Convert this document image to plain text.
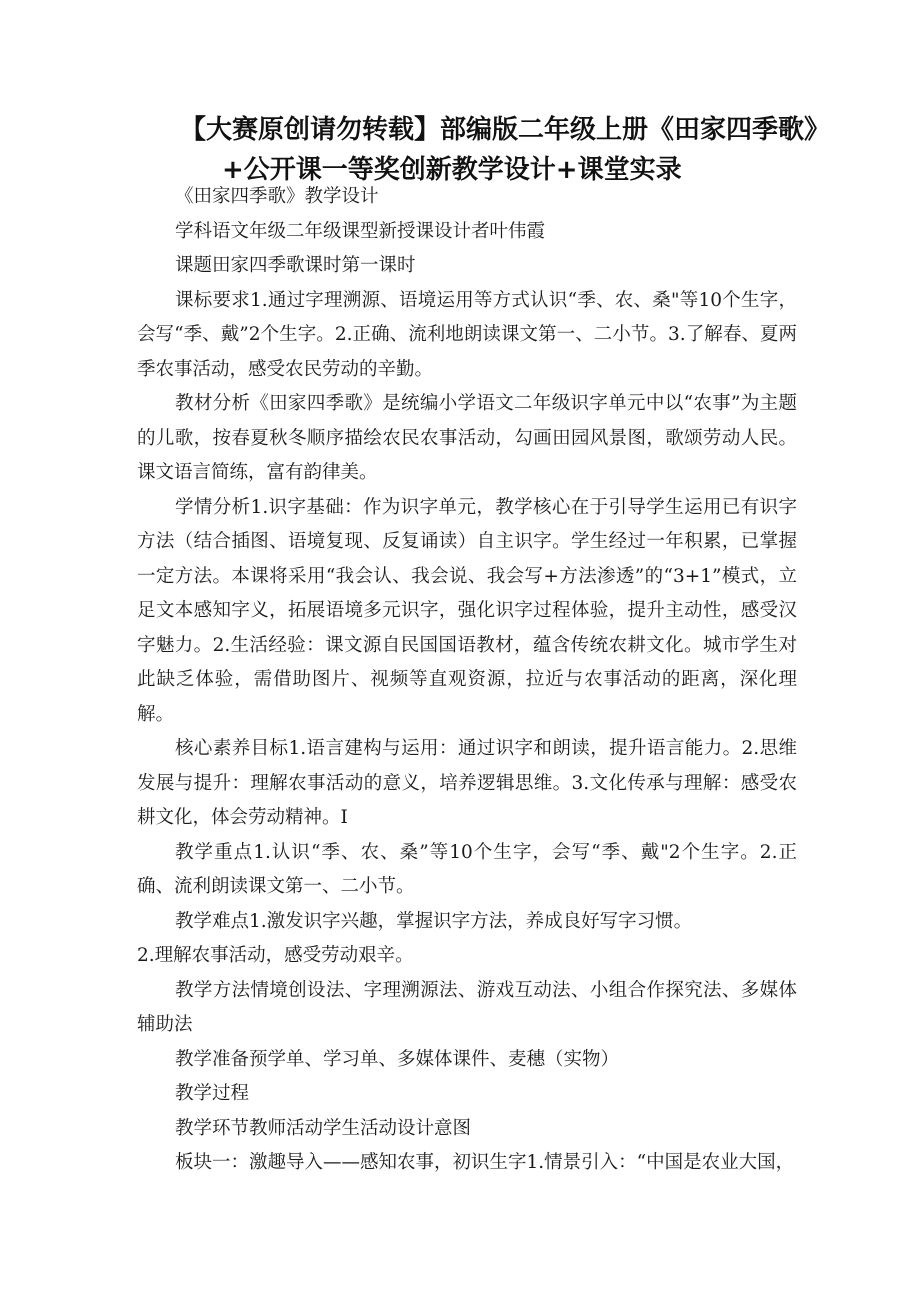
【大赛原创请勿转载】部编版二年级上册《田家四季歌》
+公开课一等奖创新教学设计+课堂实录

《田家四季歌》教学设计

学科语文年级二年级课型新授课设计者叶伟霞

课题田家四季歌课时第一课时

课标要求1.通过字理溯源、语境运用等方式认识“季、农、桑"等10个生字，会写“季、戴”2个生字。2.正确、流利地朗读课文第一、二小节。3.了解春、夏两季农事活动，感受农民劳动的辛勤。

教材分析《田家四季歌》是统编小学语文二年级识字单元中以“农事”为主题的儿歌，按春夏秋冬顺序描绘农民农事活动，勾画田园风景图，歌颂劳动人民。课文语言简练，富有韵律美。

学情分析1.识字基础：作为识字单元，教学核心在于引导学生运用已有识字方法（结合插图、语境复现、反复诵读）自主识字。学生经过一年积累，已掌握一定方法。本课将采用“我会认、我会说、我会写+方法渗透”的“3+1”模式，立足文本感知字义，拓展语境多元识字，强化识字过程体验，提升主动性，感受汉字魅力。2.生活经验：课文源自民国国语教材，蕴含传统农耕文化。城市学生对此缺乏体验，需借助图片、视频等直观资源，拉近与农事活动的距离，深化理解。

核心素养目标1.语言建构与运用：通过识字和朗读，提升语言能力。2.思维发展与提升：理解农事活动的意义，培养逻辑思维。3.文化传承与理解：感受农耕文化，体会劳动精神。I

教学重点1.认识“季、农、桑”等10个生字，会写“季、戴"2个生字。2.正确、流利朗读课文第一、二小节。

教学难点1.激发识字兴趣，掌握识字方法，养成良好写字习惯。

2.理解农事活动，感受劳动艰辛。

教学方法情境创设法、字理溯源法、游戏互动法、小组合作探究法、多媒体辅助法

教学准备预学单、学习单、多媒体课件、麦穗（实物）

教学过程

教学环节教师活动学生活动设计意图

板块一：激趣导入——感知农事，初识生字1.情景引入：“中国是农业大国，
